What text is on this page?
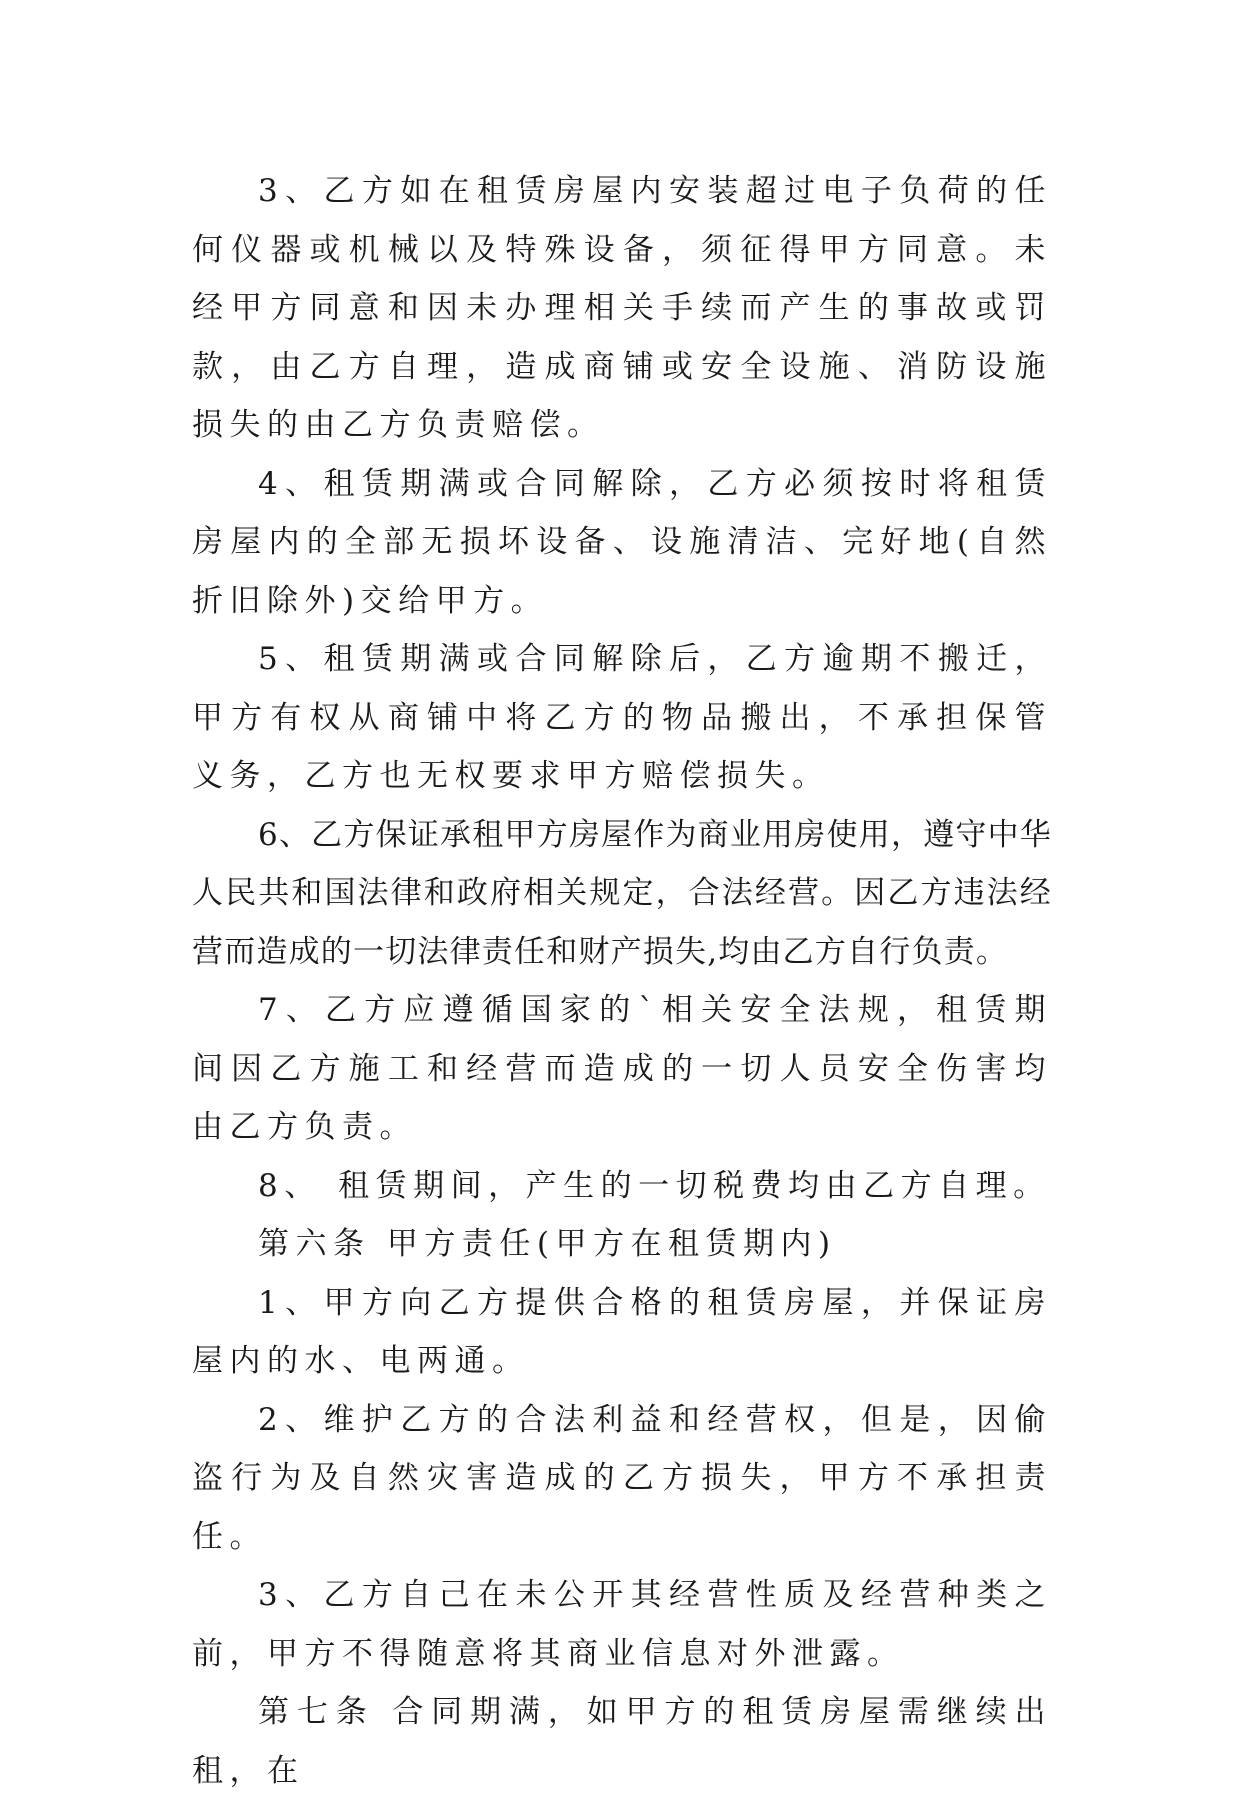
3、乙方如在租赁房屋内安装超过电子负荷的任何仪器或机械以及特殊设备，须征得甲方同意。未经甲方同意和因未办理相关手续而产生的事故或罚款，由乙方自理，造成商铺或安全设施、消防设施损失的由乙方负责赔偿。

4、租赁期满或合同解除，乙方必须按时将租赁房屋内的全部无损坏设备、设施清洁、完好地(自然折旧除外)交给甲方。

5、租赁期满或合同解除后，乙方逾期不搬迁，甲方有权从商铺中将乙方的物品搬出，不承担保管义务，乙方也无权要求甲方赔偿损失。

6、乙方保证承租甲方房屋作为商业用房使用，遵守中华人民共和国法律和政府相关规定，合法经营。因乙方违法经营而造成的一切法律责任和财产损失,均由乙方自行负责。

7、乙方应遵循国家的`相关安全法规，租赁期间因乙方施工和经营而造成的一切人员安全伤害均由乙方负责。

8、 租赁期间，产生的一切税费均由乙方自理。

第六条 甲方责任(甲方在租赁期内)

1、甲方向乙方提供合格的租赁房屋，并保证房屋内的水、电两通。

2、维护乙方的合法利益和经营权，但是，因偷盗行为及自然灾害造成的乙方损失，甲方不承担责任。

3、乙方自己在未公开其经营性质及经营种类之前，甲方不得随意将其商业信息对外泄露。

第七条 合同期满，如甲方的租赁房屋需继续出租，在
